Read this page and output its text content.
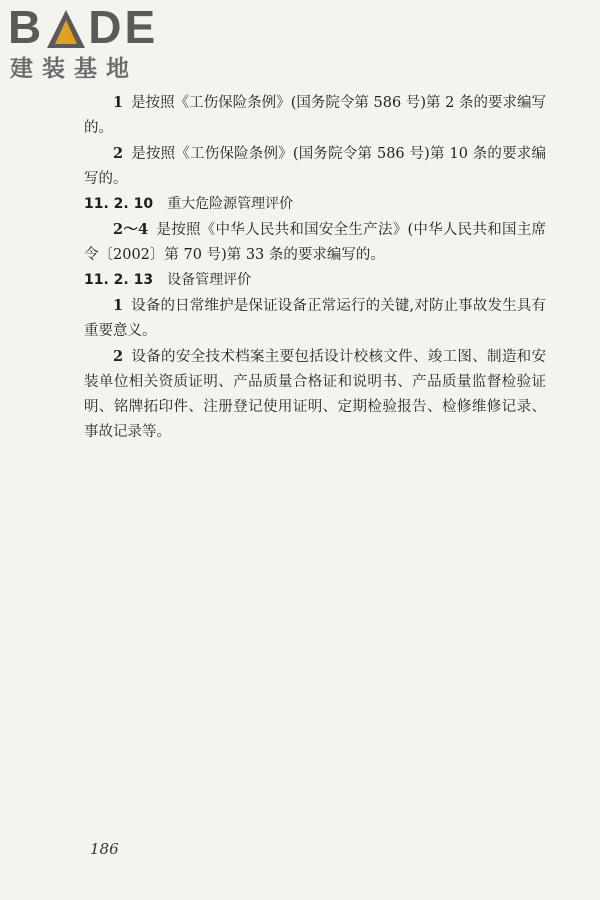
B DE
建装基地

1 是按照《工伤保险条例》(国务院令第 586 号)第 2 条的要求编写的。

2 是按照《工伤保险条例》(国务院令第 586 号)第 10 条的要求编写的。

11. 2. 10 重大危险源管理评价

2～4 是按照《中华人民共和国安全生产法》(中华人民共和国主席令〔2002〕第 70 号)第 33 条的要求编写的。

11. 2. 13 设备管理评价

1 设备的日常维护是保证设备正常运行的关键,对防止事故发生具有重要意义。

2 设备的安全技术档案主要包括设计校核文件、竣工图、制造和安装单位相关资质证明、产品质量合格证和说明书、产品质量监督检验证明、铭牌拓印件、注册登记使用证明、定期检验报告、检修维修记录、事故记录等。

186
